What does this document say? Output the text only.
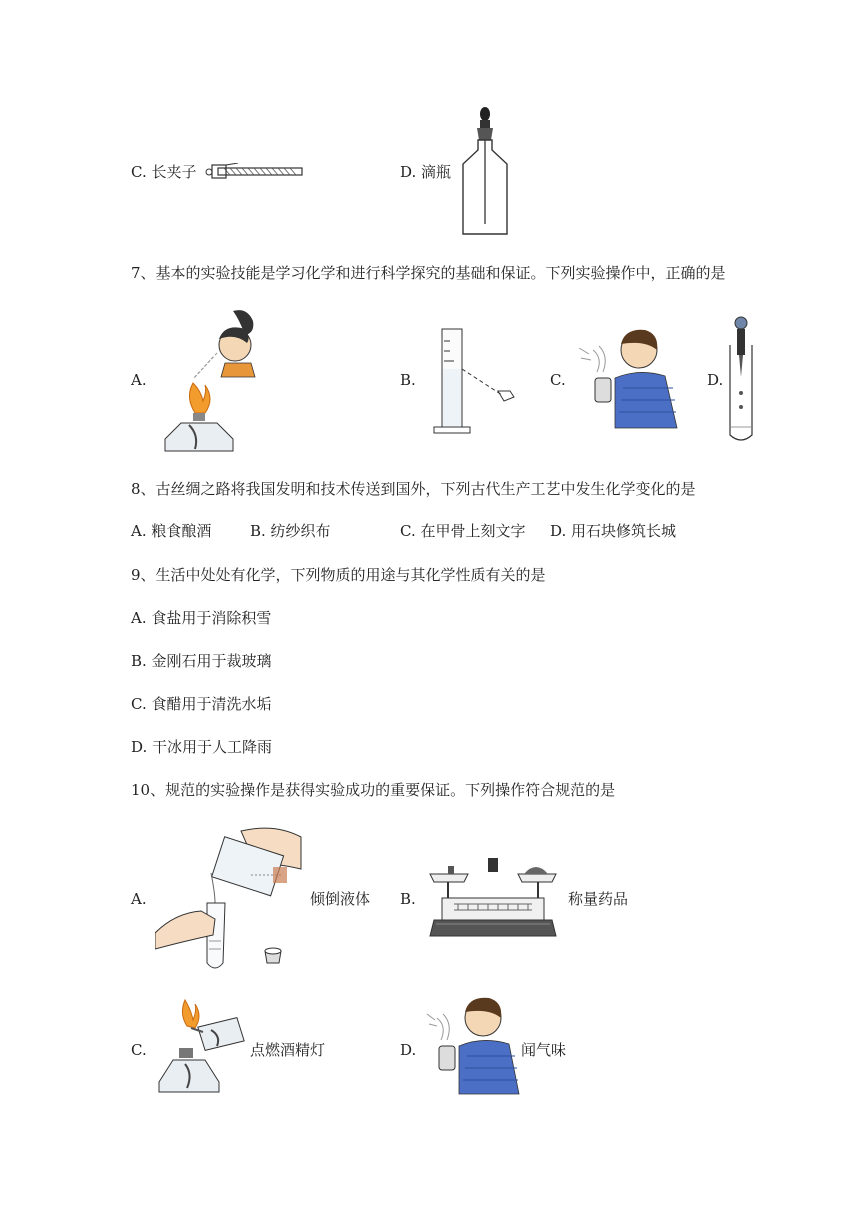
C. 长夹子	D. 滴瓶
7、基本的实验技能是学习化学和进行科学探究的基础和保证。下列实验操作中，正确的是
A.	B.	C.	D.
8、古丝绸之路将我国发明和技术传送到国外，下列古代生产工艺中发生化学变化的是
A. 粮食酿酒	B. 纺纱织布	C. 在甲骨上刻文字 D. 用石块修筑长城
9、生活中处处有化学，下列物质的用途与其化学性质有关的是
A. 食盐用于消除积雪
B. 金刚石用于裁玻璃
C. 食醋用于清洗水垢
D. 干冰用于人工降雨
10、规范的实验操作是获得实验成功的重要保证。下列操作符合规范的是
A.	倾倒液体 B.	称量药品
C.	点燃酒精灯	D.	闻气味
